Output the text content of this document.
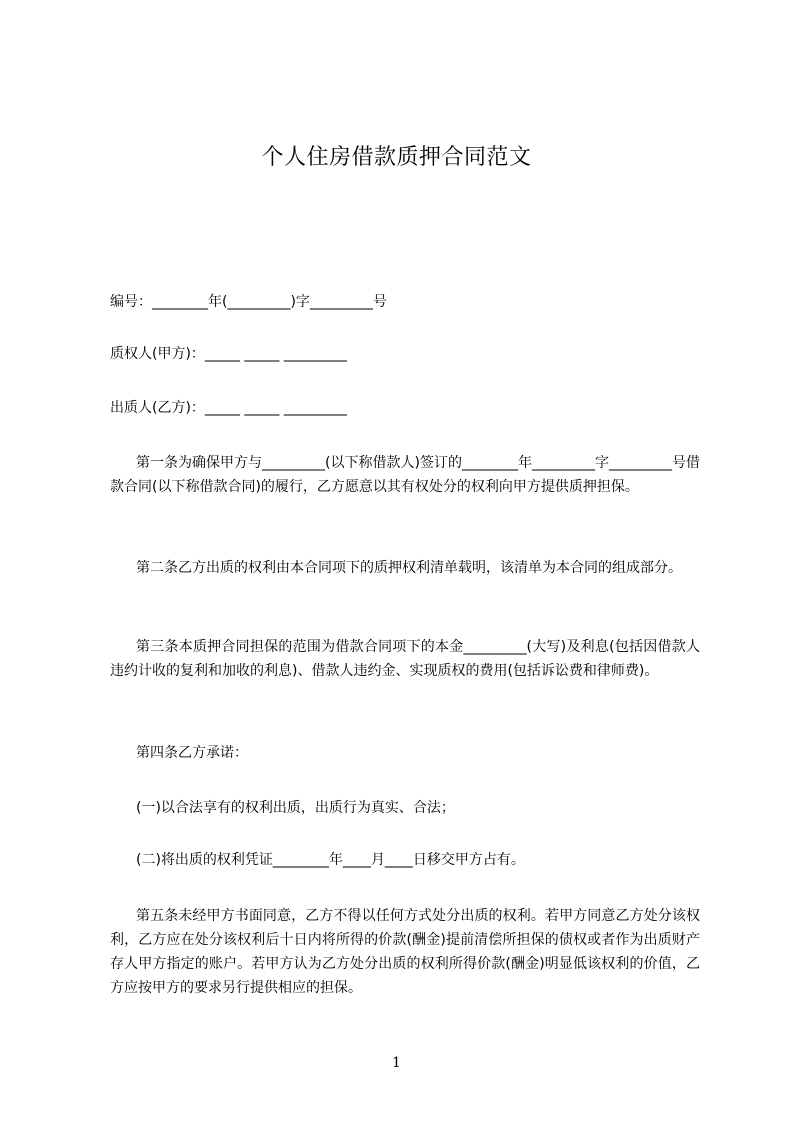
个人住房借款质押合同范文
编号：________年(_________)字_________号
质权人(甲方)：_____ _____ _________
出质人(乙方)：_____ _____ _________
第一条为确保甲方与_________(以下称借款人)签订的________年_________字_________号借款合同(以下称借款合同)的履行，乙方愿意以其有权处分的权利向甲方提供质押担保。
第二条乙方出质的权利由本合同项下的质押权利清单载明，该清单为本合同的组成部分。
第三条本质押合同担保的范围为借款合同项下的本金_________(大写)及利息(包括因借款人违约计收的复利和加收的利息)、借款人违约金、实现质权的费用(包括诉讼费和律师费)。
第四条乙方承诺：
(一)以合法享有的权利出质，出质行为真实、合法；
(二)将出质的权利凭证________年____月____日移交甲方占有。
第五条未经甲方书面同意，乙方不得以任何方式处分出质的权利。若甲方同意乙方处分该权利，乙方应在处分该权利后十日内将所得的价款(酬金)提前清偿所担保的债权或者作为出质财产存人甲方指定的账户。若甲方认为乙方处分出质的权利所得价款(酬金)明显低该权利的价值，乙方应按甲方的要求另行提供相应的担保。
1
